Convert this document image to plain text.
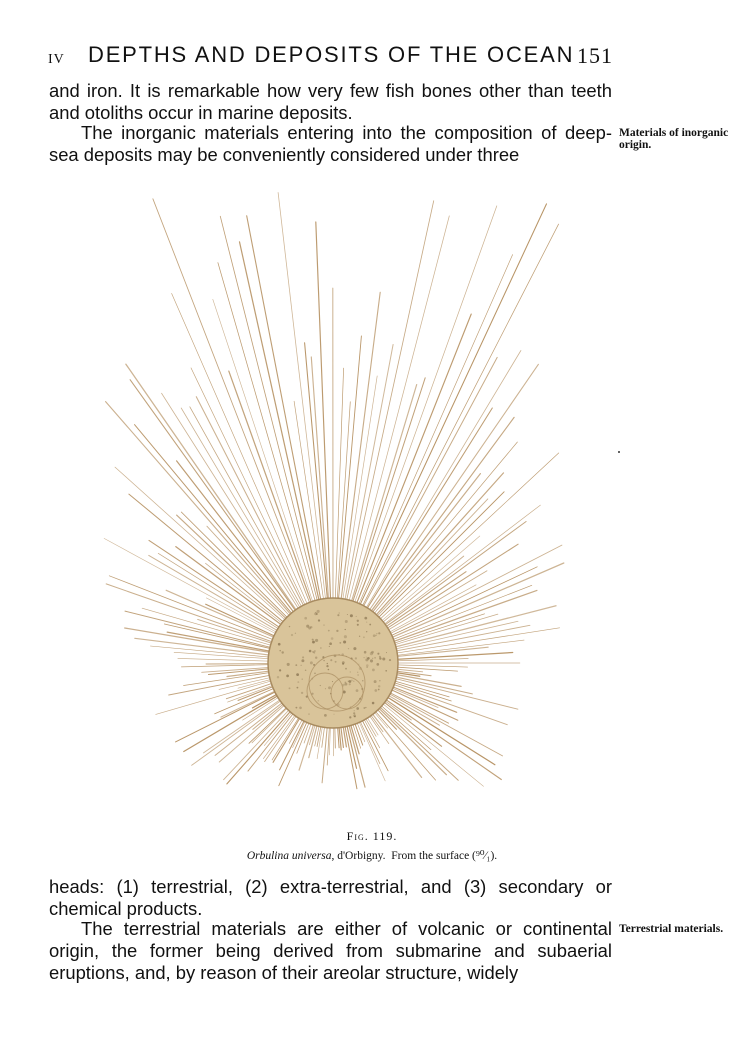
IV DEPTHS AND DEPOSITS OF THE OCEAN 151

and iron. It is remarkable how very few fish bones other than teeth and otoliths occur in marine deposits.

The inorganic materials entering into the composition of deep-sea deposits may be conveniently considered under three

Materials of inorganic origin.
Fig. 119.
Orbulina universa, d'Orbigny. From the surface (⁹⁰⁄₁).

heads: (1) terrestrial, (2) extra-terrestrial, and (3) secondary or chemical products.

The terrestrial materials are either of volcanic or continental origin, the former being derived from submarine and subaerial eruptions, and, by reason of their areolar structure, widely

Terrestrial materials.
